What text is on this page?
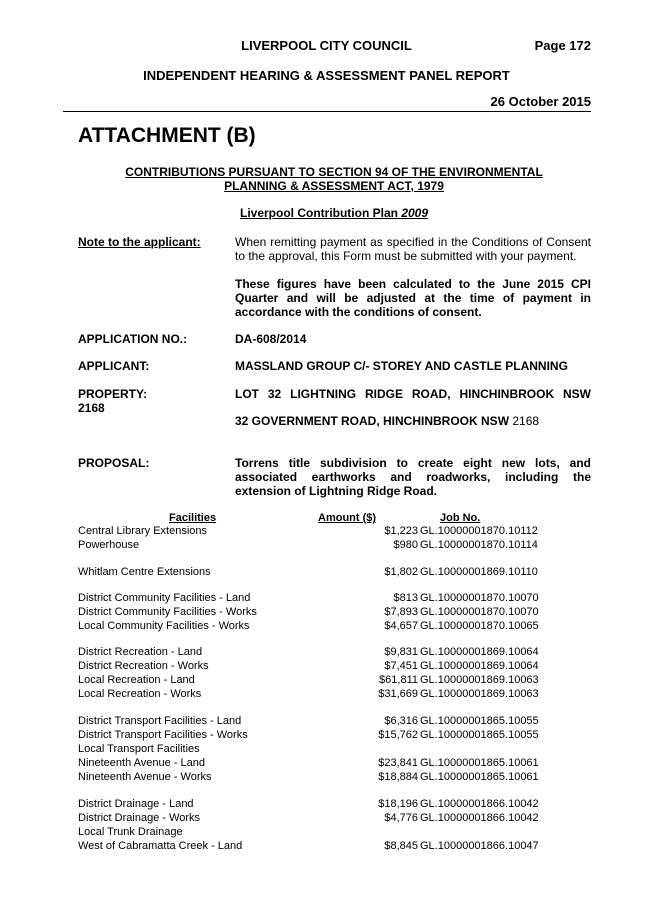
LIVERPOOL CITY COUNCIL	Page 172
INDEPENDENT HEARING & ASSESSMENT PANEL REPORT
26 October 2015
ATTACHMENT (B)
CONTRIBUTIONS PURSUANT TO SECTION 94 OF THE ENVIRONMENTAL
PLANNING & ASSESSMENT ACT, 1979
Liverpool Contribution Plan 2009
Note to the applicant:	When remitting payment as specified in the Conditions of Consent to the approval, this Form must be submitted with your payment.
These figures have been calculated to the June 2015 CPI Quarter and will be adjusted at the time of payment in accordance with the conditions of consent.
APPLICATION NO.:	DA-608/2014
APPLICANT:	MASSLAND GROUP C/- STOREY AND CASTLE PLANNING
PROPERTY:	LOT 32 LIGHTNING RIDGE ROAD, HINCHINBROOK NSW
2168
32 GOVERNMENT ROAD, HINCHINBROOK NSW 2168
PROPOSAL:	Torrens title subdivision to create eight new lots, and associated earthworks and roadworks, including the extension of Lightning Ridge Road.
Facilities	Amount ($)	Job No.
Central Library Extensions	$1,223 GL.10000001870.10112
Powerhouse	$980 GL.10000001870.10114
Whitlam Centre Extensions	$1,802 GL.10000001869.10110
District Community Facilities - Land	$813 GL.10000001870.10070
District Community Facilities - Works	$7,893 GL.10000001870.10070
Local Community Facilities - Works	$4,657 GL.10000001870.10065
District Recreation - Land	$9,831 GL.10000001869.10064
District Recreation - Works	$7,451 GL.10000001869.10064
Local Recreation - Land	$61,811 GL.10000001869.10063
Local Recreation - Works	$31,669 GL.10000001869.10063
District Transport Facilities - Land	$6,316 GL.10000001865.10055
District Transport Facilities - Works	$15,762 GL.10000001865.10055
Local Transport Facilities
Nineteenth Avenue - Land	$23,841 GL.10000001865.10061
Nineteenth Avenue - Works	$18,884 GL.10000001865.10061
District Drainage - Land	$18,196 GL.10000001866.10042
District Drainage - Works	$4,776 GL.10000001866.10042
Local Trunk Drainage
West of Cabramatta Creek - Land	$8,845 GL.10000001866.10047
